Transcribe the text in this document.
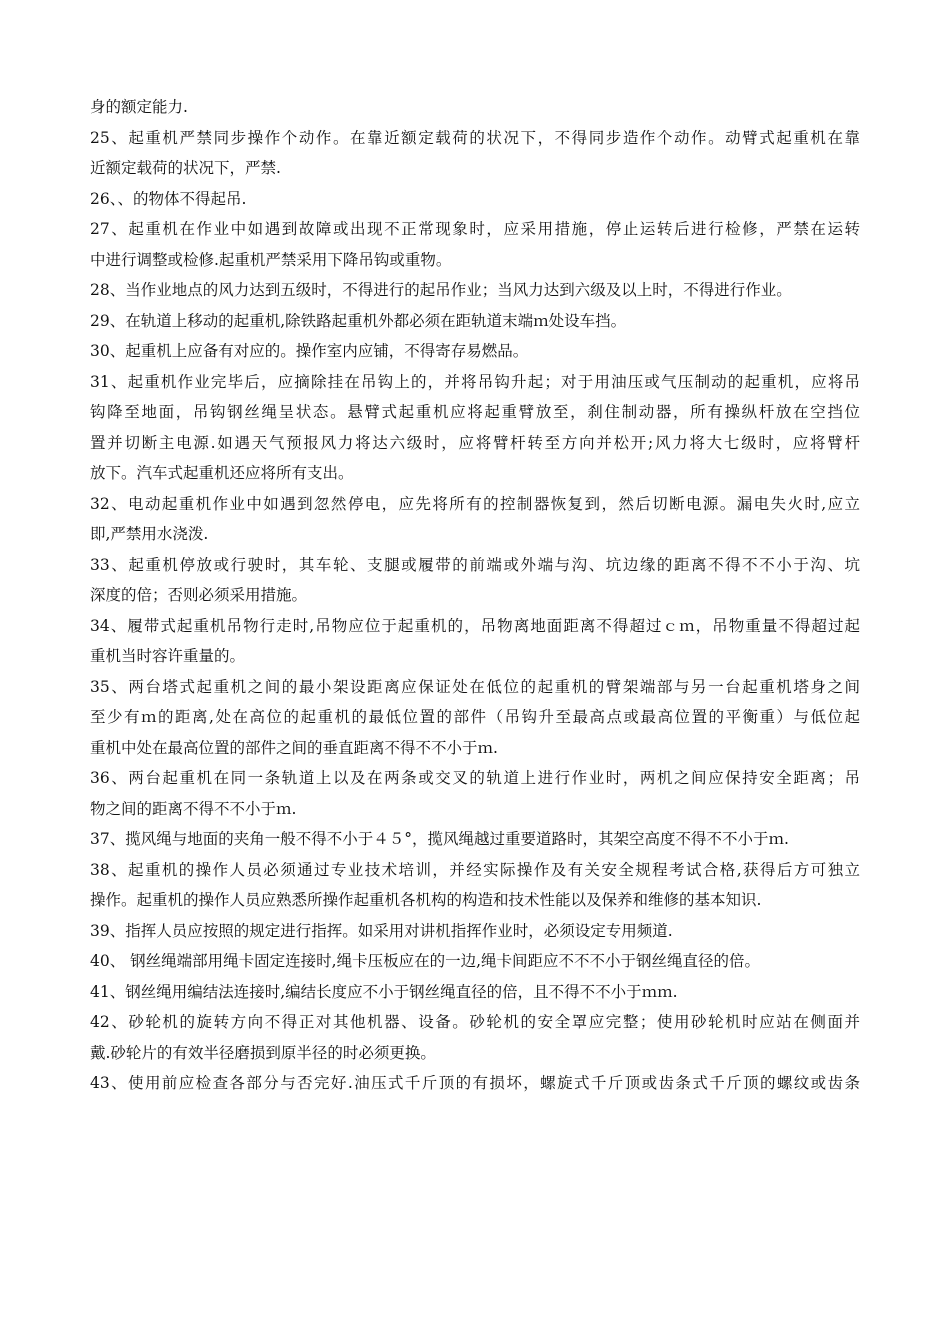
身的额定能力.
25、起重机严禁同步操作个动作。在靠近额定载荷的状况下，不得同步造作个动作。动臂式起重机在靠
近额定载荷的状况下，严禁.
26、、的物体不得起吊.
27、起重机在作业中如遇到故障或出现不正常现象时，应采用措施，停止运转后进行检修，严禁在运转
中进行调整或检修.起重机严禁采用下降吊钩或重物。
28、当作业地点的风力达到五级时，不得进行的起吊作业；当风力达到六级及以上时，不得进行作业。
29、在轨道上移动的起重机,除铁路起重机外都必须在距轨道末端ｍ处设车挡。
30、起重机上应备有对应的。操作室内应铺，不得寄存易燃品。
31、起重机作业完毕后，应摘除挂在吊钩上的，并将吊钩升起；对于用油压或气压制动的起重机，应将吊
钩降至地面，吊钩钢丝绳呈状态。悬臂式起重机应将起重臂放至，刹住制动器，所有操纵杆放在空挡位
置并切断主电源.如遇天气预报风力将达六级时，应将臂杆转至方向并松开;风力将大七级时，应将臂杆
放下。汽车式起重机还应将所有支出。
32、电动起重机作业中如遇到忽然停电，应先将所有的控制器恢复到，然后切断电源。漏电失火时,应立
即,严禁用水浇泼.
33、起重机停放或行驶时，其车轮、支腿或履带的前端或外端与沟、坑边缘的距离不得不不小于沟、坑
深度的倍；否则必须采用措施。
34、履带式起重机吊物行走时,吊物应位于起重机的，吊物离地面距离不得超过ｃｍ，吊物重量不得超过起
重机当时容许重量的。
35、两台塔式起重机之间的最小架设距离应保证处在低位的起重机的臂架端部与另一台起重机塔身之间
至少有ｍ的距离,处在高位的起重机的最低位置的部件（吊钩升至最高点或最高位置的平衡重）与低位起
重机中处在最高位置的部件之间的垂直距离不得不不小于ｍ.
36、两台起重机在同一条轨道上以及在两条或交叉的轨道上进行作业时，两机之间应保持安全距离；吊
物之间的距离不得不不小于ｍ.
37、揽风绳与地面的夹角一般不得不小于４５°，揽风绳越过重要道路时，其架空高度不得不不小于ｍ.
38、起重机的操作人员必须通过专业技术培训，并经实际操作及有关安全规程考试合格,获得后方可独立
操作。起重机的操作人员应熟悉所操作起重机各机构的构造和技术性能以及保养和维修的基本知识.
39、指挥人员应按照的规定进行指挥。如采用对讲机指挥作业时，必须设定专用频道.
40、 钢丝绳端部用绳卡固定连接时,绳卡压板应在的一边,绳卡间距应不不不小于钢丝绳直径的倍。
41、钢丝绳用编结法连接时,编结长度应不小于钢丝绳直径的倍，且不得不不小于ｍｍ.
42、砂轮机的旋转方向不得正对其他机器、设备。砂轮机的安全罩应完整；使用砂轮机时应站在侧面并
戴.砂轮片的有效半径磨损到原半径的时必须更换。
43、使用前应检查各部分与否完好.油压式千斤顶的有损坏，螺旋式千斤顶或齿条式千斤顶的螺纹或齿条
